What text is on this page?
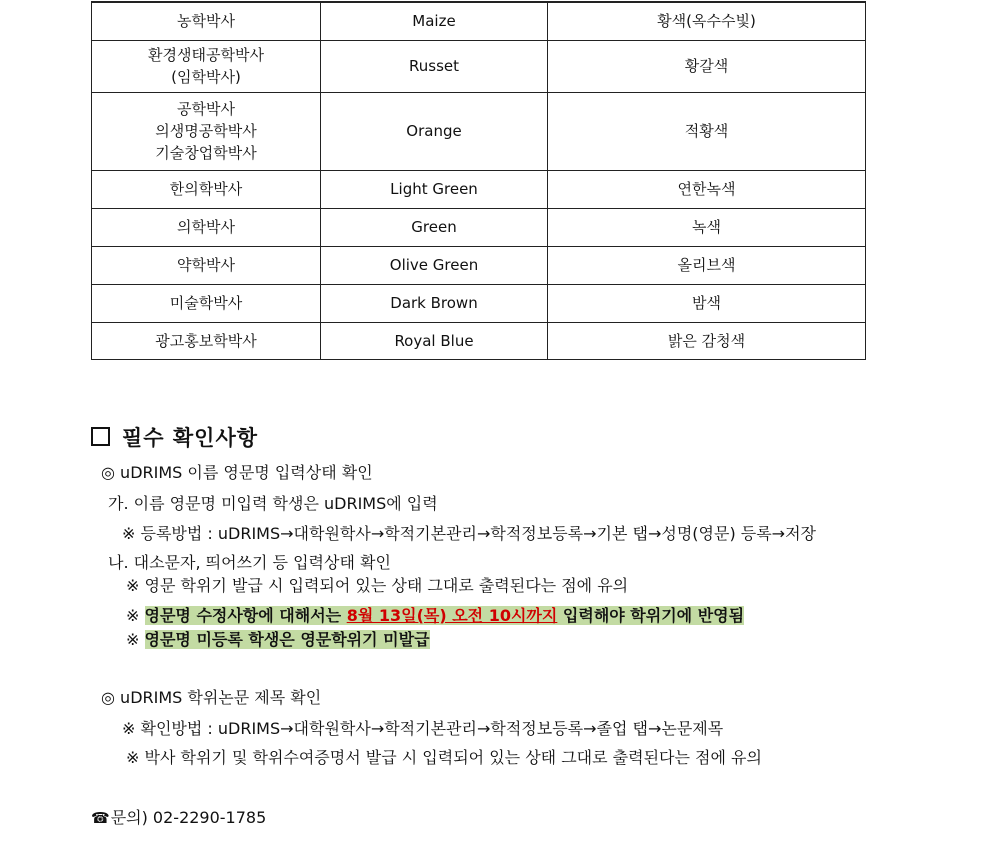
농학박사	Maize	황색(옥수수빛)

환경생태공학박사
(임학박사)	Russet	황갈색

공학박사
의생명공학박사
기술창업학박사	Orange	적황색

한의학박사	Light Green	연한녹색

의학박사	Green	녹색

약학박사	Olive Green	올리브색

미술학박사	Dark Brown	밤색

광고홍보학박사	Royal Blue	밝은 감청색
필수 확인사항
◎ uDRIMS 이름 영문명 입력상태 확인
가. 이름 영문명 미입력 학생은 uDRIMS에 입력
※ 등록방법 : uDRIMS→대학원학사→학적기본관리→학적정보등록→기본 탭→성명(영문) 등록→저장
나. 대소문자, 띄어쓰기 등 입력상태 확인
※ 영문 학위기 발급 시 입력되어 있는 상태 그대로 출력된다는 점에 유의
※ 영문명 수정사항에 대해서는 8월 13일(목) 오전 10시까지 입력해야 학위기에 반영됨
※ 영문명 미등록 학생은 영문학위기 미발급
◎ uDRIMS 학위논문 제목 확인
※ 확인방법 : uDRIMS→대학원학사→학적기본관리→학적정보등록→졸업 탭→논문제목
※ 박사 학위기 및 학위수여증명서 발급 시 입력되어 있는 상태 그대로 출력된다는 점에 유의
☎문의) 02-2290-1785
